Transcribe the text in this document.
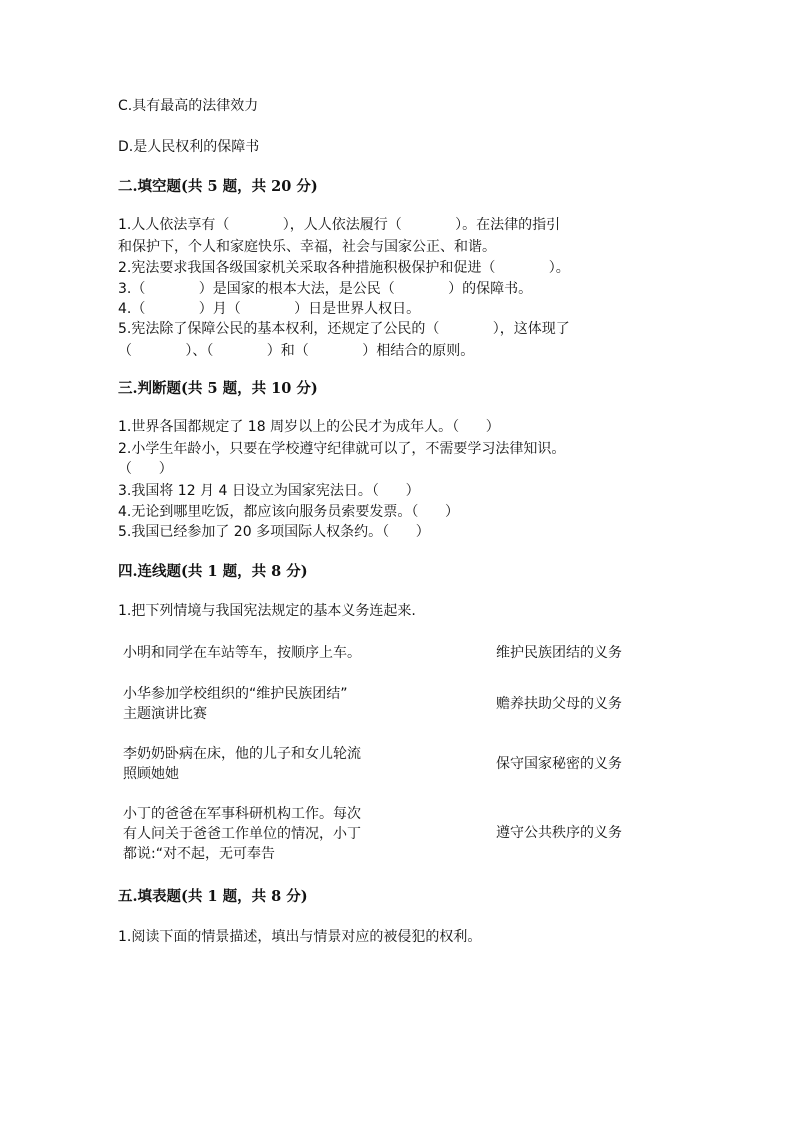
C.具有最高的法律效力
D.是人民权利的保障书
二.填空题(共 5 题，共 20 分)
1.人人依法享有（            ），人人依法履行（            ）。在法律的指引
和保护下，个人和家庭快乐、幸福，社会与国家公正、和谐。
2.宪法要求我国各级国家机关采取各种措施积极保护和促进（            ）。
3.（            ）是国家的根本大法，是公民（            ）的保障书。
4.（            ）月（            ）日是世界人权日。
5.宪法除了保障公民的基本权利，还规定了公民的（            ），这体现了
（            ）、（            ）和（            ）相结合的原则。
三.判断题(共 5 题，共 10 分)
1.世界各国都规定了 18 周岁以上的公民才为成年人。（      ）
2.小学生年龄小，只要在学校遵守纪律就可以了，不需要学习法律知识。
（      ）
3.我国将 12 月 4 日设立为国家宪法日。（      ）
4.无论到哪里吃饭，都应该向服务员索要发票。（      ）
5.我国已经参加了 20 多项国际人权条约。（      ）
四.连线题(共 1 题，共 8 分)
1.把下列情境与我国宪法规定的基本义务连起来.
小明和同学在车站等车，按顺序上车。
小华参加学校组织的“维护民族团结”
主题演讲比赛
李奶奶卧病在床，他的儿子和女儿轮流
照顾她她
小丁的爸爸在军事科研机构工作。每次
有人问关于爸爸工作单位的情况，小丁
都说:“对不起，无可奉告
维护民族团结的义务
赡养扶助父母的义务
保守国家秘密的义务
遵守公共秩序的义务
五.填表题(共 1 题，共 8 分)
1.阅读下面的情景描述，填出与情景对应的被侵犯的权利。
